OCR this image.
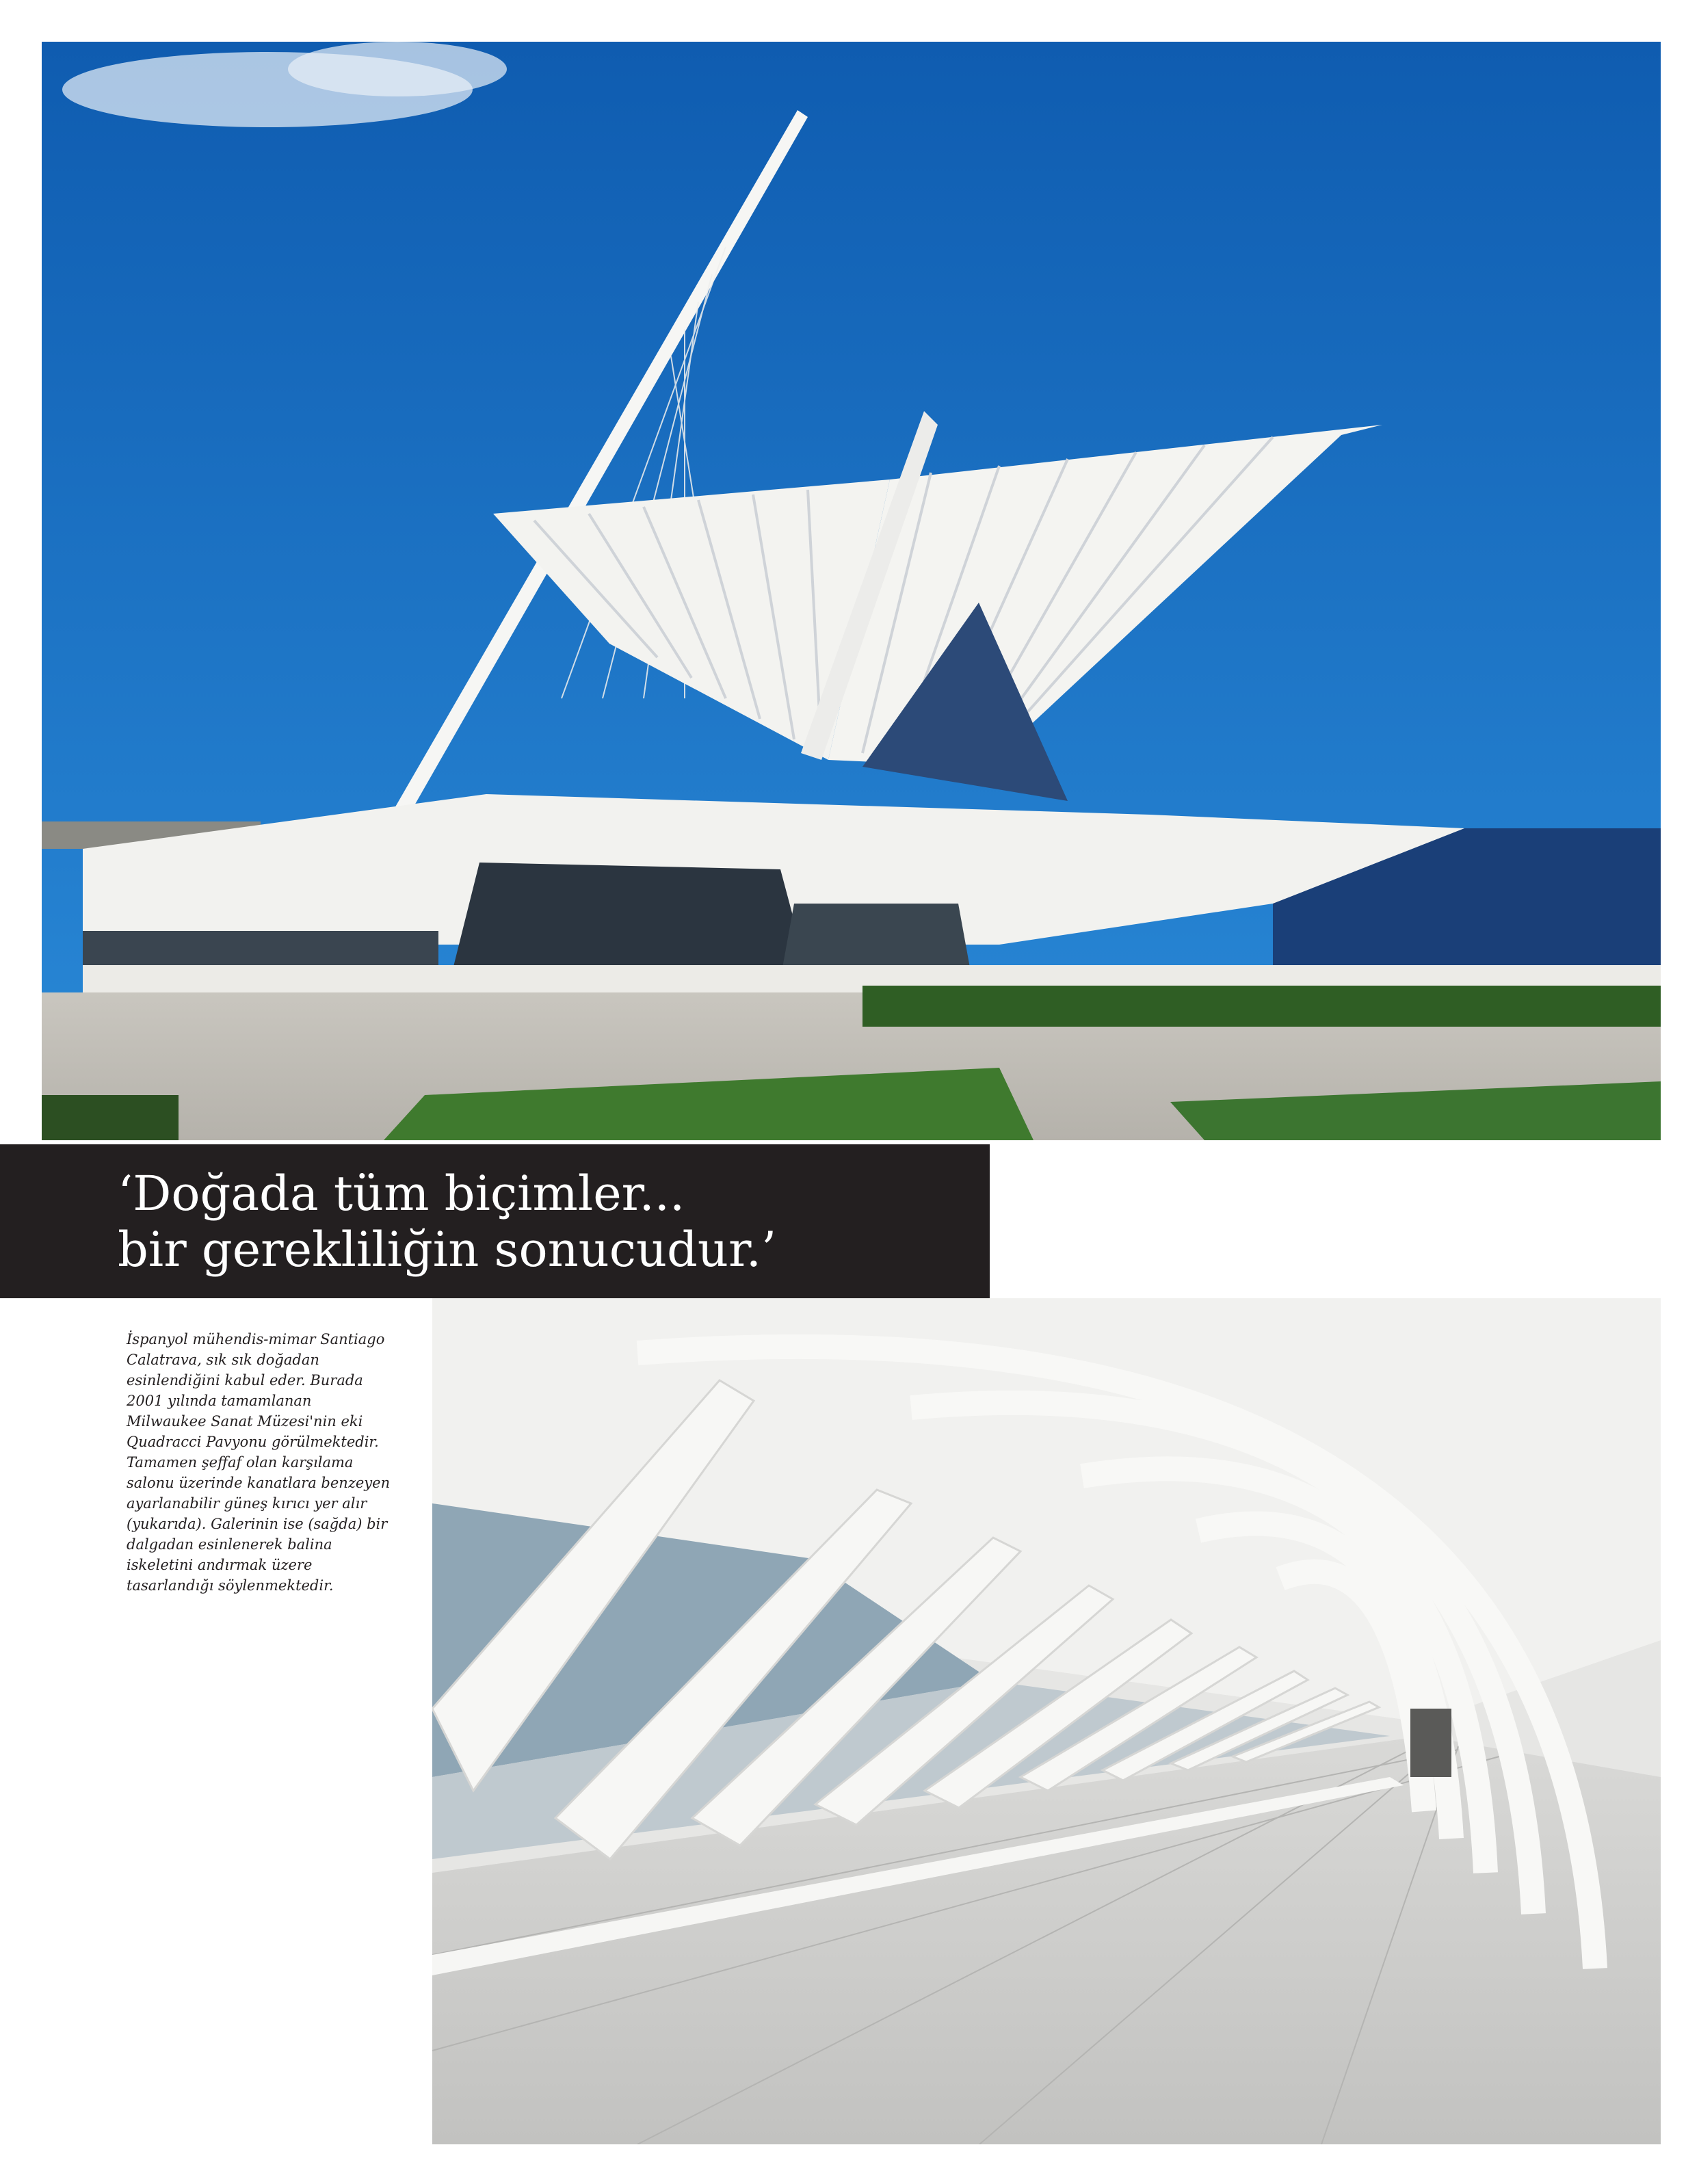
‘Doğada tüm biçimler...
bir gerekliliğin sonucudur.’
İspanyol mühendis-mimar Santiago
Calatrava, sık sık doğadan
esinlendiğini kabul eder. Burada
2001 yılında tamamlanan
Milwaukee Sanat Müzesi'nin eki
Quadracci Pavyonu görülmektedir.
Tamamen şeffaf olan karşılama
salonu üzerinde kanatlara benzeyen
ayarlanabilir güneş kırıcı yer alır
(yukarıda). Galerinin ise (sağda) bir
dalgadan esinlenerek balina
iskeletini andırmak üzere
tasarlandığı söylenmektedir.
